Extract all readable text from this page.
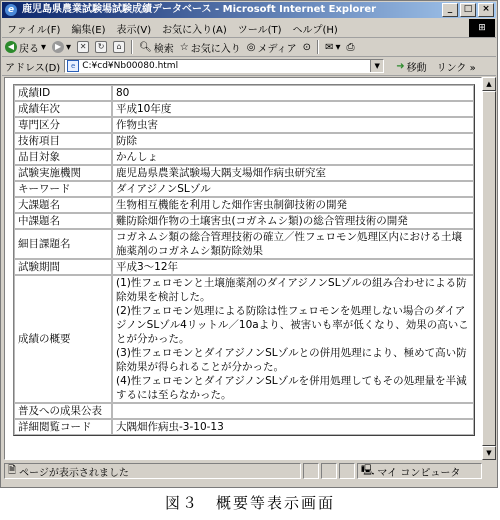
e 鹿児島県農業試験場試験成績データベース - Microsoft Internet Explorer	_	□	×
ファイル(F)	編集(E)	表示(V)	お気に入り(A)	ツール(T)	ヘルプ(H)	⊞
◀ 戻る ▾	▶ ▾	✕	↻	⌂	🔍︎ 検索 ☆ お気に入り ◎ メディア ⊙ ✉ ▾ ⎙
アドレス(D)	e C:¥cd¥Nb00080.html	▼	➜ 移動 リンク »
成績ID	80
成績年次	平成10年度
専門区分	作物虫害
技術項目	防除
品目対象	かんしょ
試験実施機関	鹿児島県農業試験場大隅支場畑作病虫研究室
キーワード	ダイアジノンSLゾル
大課題名	生物相互機能を利用した畑作害虫制御技術の開発
中課題名	難防除畑作物の土壌害虫(コガネムシ類)の総合管理技術の開発
細目課題名	コガネムシ類の総合管理技術の確立／性フェロモン処理区内における土壌施薬剤のコガネムシ類防除効果
試験期間	平成3～12年
成績の概要	(1)性フェロモンと土壌施薬剤のダイアジノンSLゾルの組み合わせによる防除効果を検討した。
(2)性フェロモン処理による防除は性フェロモンを処理しない場合のダイアジノンSLゾル4リットル／10aより、被害いも率が低くなり、効果の高いことが分かった。
(3)性フェロモンとダイアジノンSLゾルとの併用処理により、極めて高い防除効果が得られることが分かった。
(4)性フェロモンとダイアジノンSLゾルを併用処理してもその処理量を半減するには至らなかった。
普及への成果公表	
詳細閲覧コード	大隅畑作病虫-3-10-13
▲
▼
🗎︎ ページが表示されました	🖳︎ マイ コンピュータ
図３　概要等表示画面
